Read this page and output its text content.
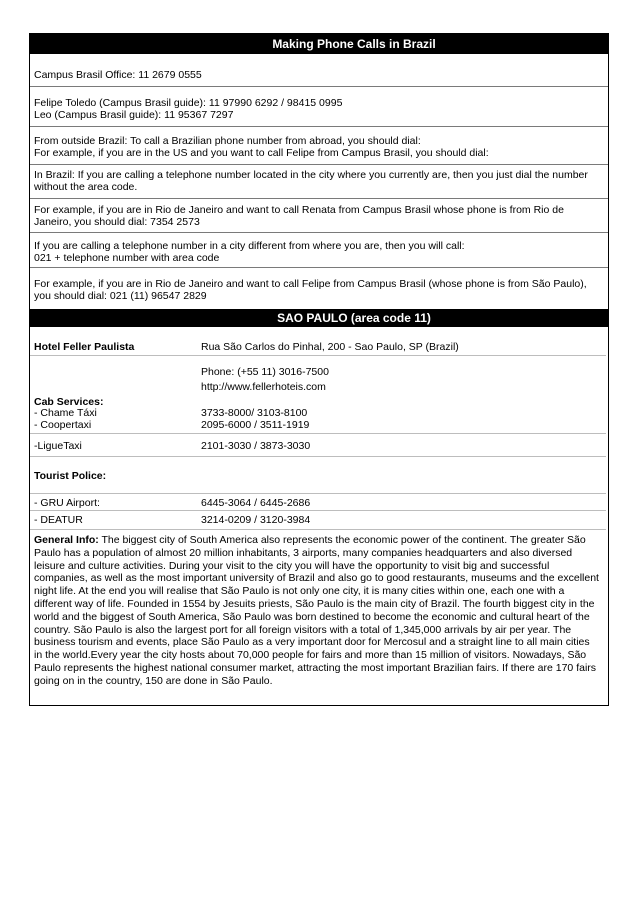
Making Phone Calls in Brazil
Campus Brasil Office: 11 2679 0555
Felipe Toledo (Campus Brasil guide): 11 97990 6292 / 98415 0995
Leo (Campus Brasil guide): 11 95367 7297
From outside Brazil: To call a Brazilian phone number from abroad, you should dial:
For example, if you are in the US and you want to call Felipe from Campus Brasil, you should dial:
In Brazil: If you are calling a telephone number located in the city where you currently are, then you just dial the number
without the area code.
For example, if you are in Rio de Janeiro and want to call Renata from Campus Brasil whose phone is from Rio de
Janeiro, you should dial: 7354 2573
If you are calling a telephone number in a city different from where you are, then you will call:
021 + telephone number with area code
For example, if you are in Rio de Janeiro and want to call Felipe from Campus Brasil (whose phone is from São Paulo),
you should dial: 021 (11) 96547 2829
SAO PAULO (area code 11)
Hotel Feller Paulista	Rua São Carlos do Pinhal, 200 - Sao Paulo, SP (Brazil)
Phone: (+55 11) 3016-7500
http://www.fellerhoteis.com
Cab Services:
- Chame Táxi	3733-8000/ 3103-8100
- Coopertaxi	2095-6000 / 3511-1919
-LigueTaxi	2101-3030 / 3873-3030
Tourist Police:
- GRU Airport:	6445-3064 / 6445-2686
- DEATUR	3214-0209 / 3120-3984
General Info: The biggest city of South America also represents the economic power of the continent. The greater São
Paulo has a population of almost 20 million inhabitants, 3 airports, many companies headquarters and also diversed
leisure and culture activities. During your visit to the city you will have the opportunity to visit big and successful
companies, as well as the most important university of Brazil and also go to good restaurants, museums and the excellent
night life. At the end you will realise that São Paulo is not only one city, it is many cities within one, each one with a
different way of life. Founded in 1554 by Jesuits priests, São Paulo is the main city of Brazil. The fourth biggest city in the
world and the biggest of South America, São Paulo was born destined to become the economic and cultural heart of the
country. São Paulo is also the largest port for all foreign visitors with a total of 1,345,000 arrivals by air per year. The
business tourism and events, place São Paulo as a very important door for Mercosul and a straight line to all main cities
in the world.Every year the city hosts about 70,000 people for fairs and more than 15 million of visitors. Nowadays, São
Paulo represents the highest national consumer market, attracting the most important Brazilian fairs. If there are 170 fairs
going on in the country, 150 are done in São Paulo.
